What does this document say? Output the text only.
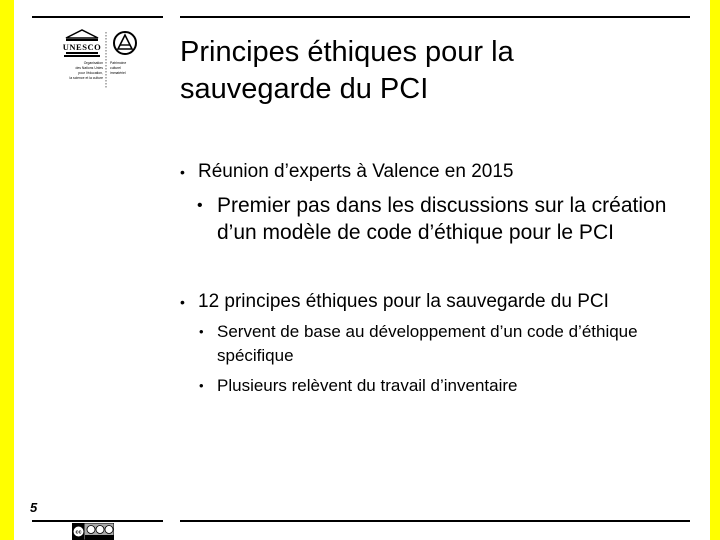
UNESCO
Organisation
des Nations Unies
pour l'éducation,
la science et la culture
Patrimoine
culturel
immatériel
Principes éthiques pour la
sauvegarde du PCI
• Réunion d’experts à Valence en 2015
• Premier pas dans les discussions sur la création d’un modèle de code d’éthique pour le PCI
• 12 principes éthiques pour la sauvegarde du PCI
• Servent de base au développement d’un code d’éthique spécifique
• Plusieurs relèvent du travail d’inventaire
5
cc
